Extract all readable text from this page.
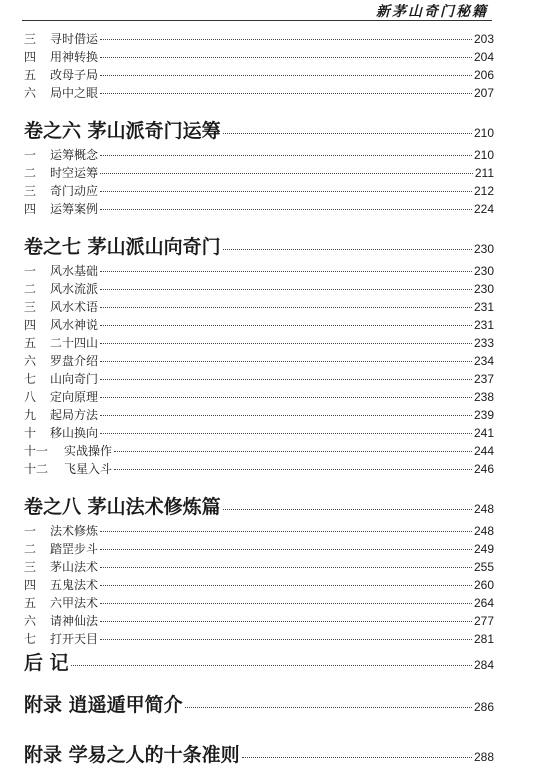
新茅山奇门秘籍
三	寻时借运	203
四	用神转换	204
五	改母子局	206
六	局中之眼	207
卷之六 茅山派奇门运筹	210
一	运筹概念	210
二	时空运筹	211
三	奇门动应	212
四	运筹案例	224
卷之七 茅山派山向奇门	230
一	风水基础	230
二	风水流派	230
三	风水术语	231
四	风水神说	231
五	二十四山	233
六	罗盘介绍	234
七	山向奇门	237
八	定向原理	238
九	起局方法	239
十	移山换向	241
十一	实战操作	244
十二	飞星入斗	246
卷之八 茅山法术修炼篇	248
一	法术修炼	248
二	踏罡步斗	249
三	茅山法术	255
四	五鬼法术	260
五	六甲法术	264
六	请神仙法	277
七	打开天目	281
后 记	284
附录 逍遥遁甲简介	286
附录 学易之人的十条准则	288
